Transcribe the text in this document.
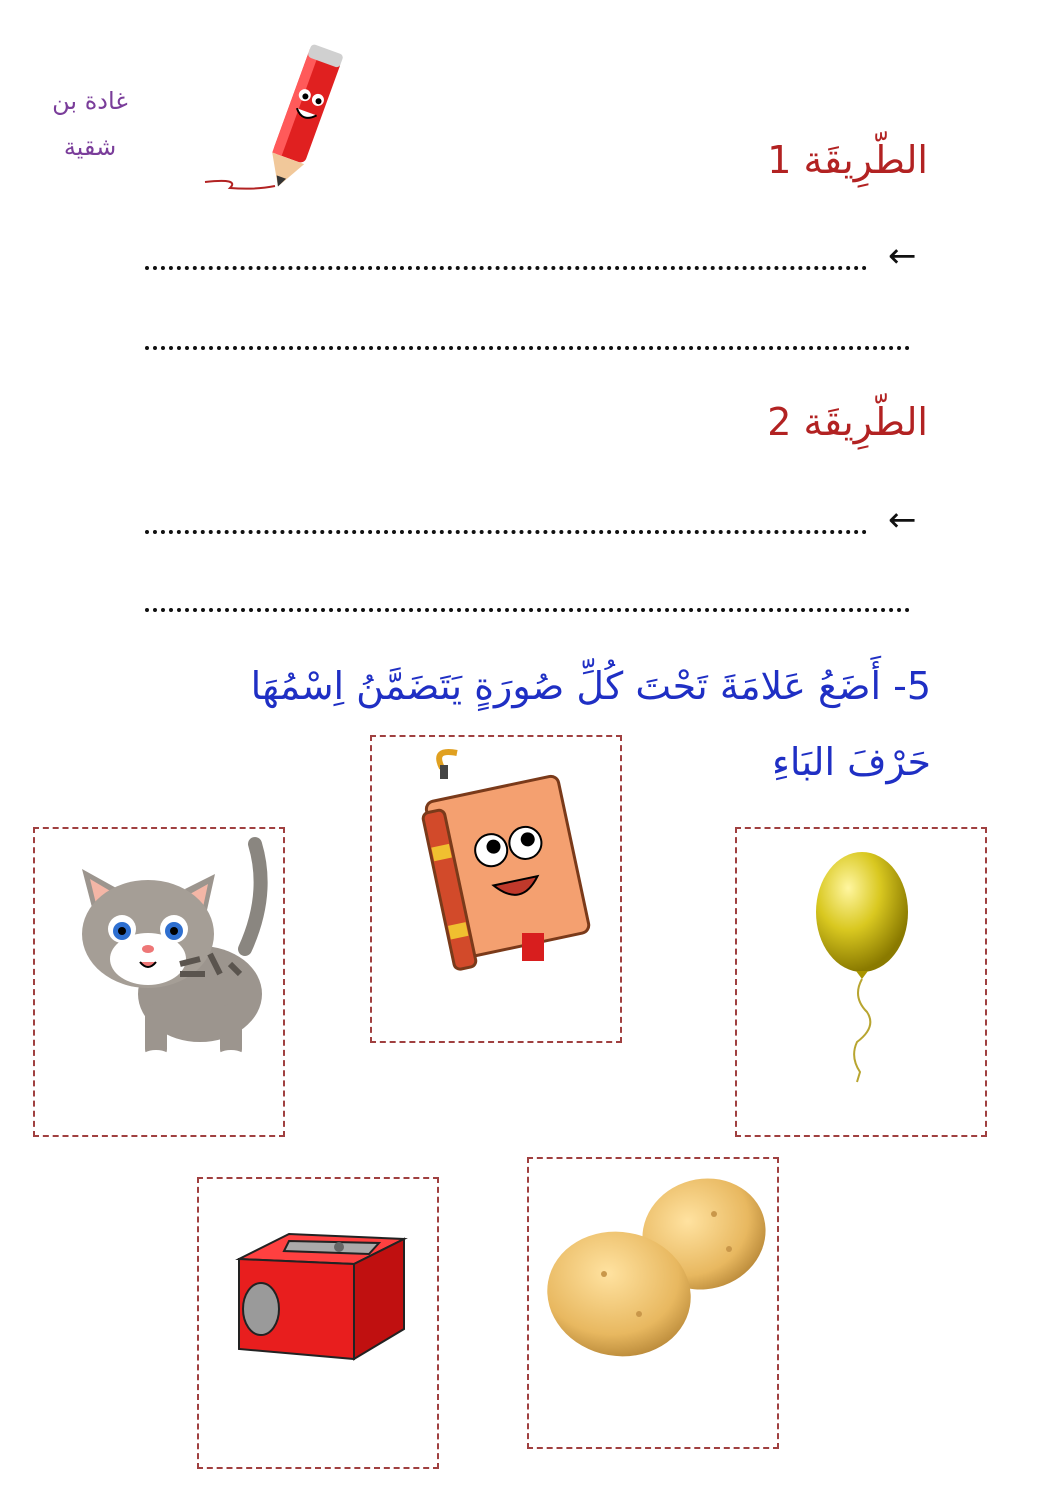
غادة بن
شقية	الطّرِيقَة 1
←
الطّرِيقَة 2
←
5- أَضَعُ عَلامَةَ تَحْتَ كُلِّ صُورَةٍ يَتَضَمَّنُ اِسْمُهَا
حَرْفَ البَاءِ
